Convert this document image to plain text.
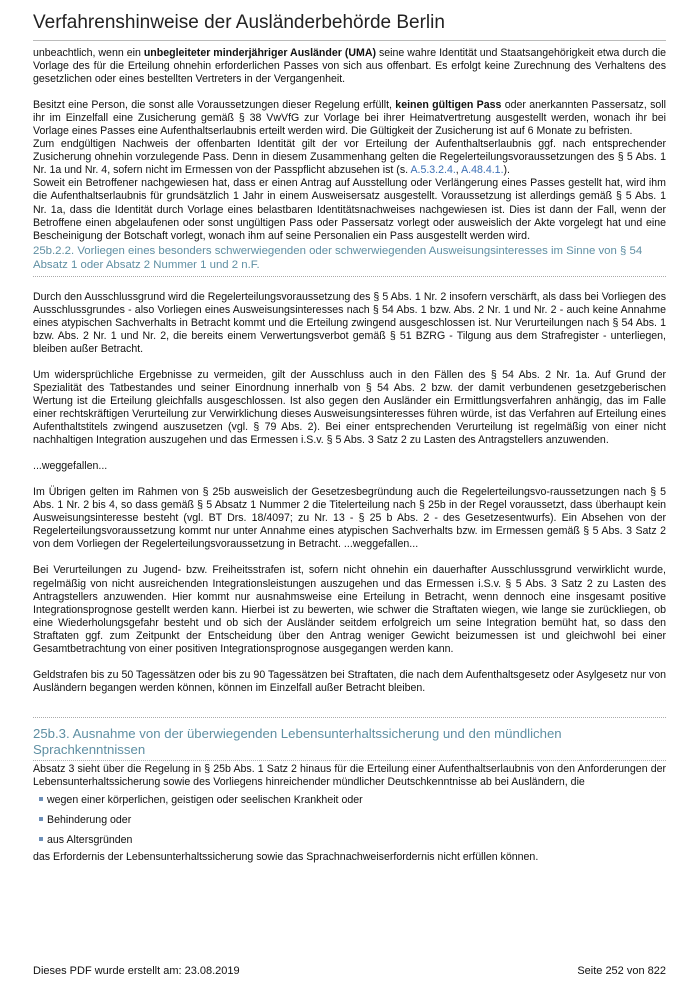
Verfahrenshinweise der Ausländerbehörde Berlin

unbeachtlich, wenn ein unbegleiteter minderjähriger Ausländer (UMA) seine wahre Identität und Staatsangehörigkeit etwa durch die Vorlage des für die Erteilung ohnehin erforderlichen Passes von sich aus offenbart. Es erfolgt keine Zurechnung des Verhaltens des gesetzlichen oder eines bestellten Vertreters in der Vergangenheit.

Besitzt eine Person, die sonst alle Voraussetzungen dieser Regelung erfüllt, keinen gültigen Pass oder anerkannten Passersatz, soll ihr im Einzelfall eine Zusicherung gemäß § 38 VwVfG zur Vorlage bei ihrer Heimatvertretung ausgestellt werden, wonach ihr bei Vorlage eines Passes eine Aufenthaltserlaubnis erteilt werden wird. Die Gültigkeit der Zusicherung ist auf 6 Monate zu befristen.

Zum endgültigen Nachweis der offenbarten Identität gilt der vor Erteilung der Aufenthaltserlaubnis ggf. nach entsprechender Zusicherung ohnehin vorzulegende Pass. Denn in diesem Zusammenhang gelten die Regelerteilungsvoraussetzungen des § 5 Abs. 1 Nr. 1a und Nr. 4, sofern nicht im Ermessen von der Passpflicht abzusehen ist (s. A.5.3.2.4., A.48.4.1.).

Soweit ein Betroffener nachgewiesen hat, dass er einen Antrag auf Ausstellung oder Verlängerung eines Passes gestellt hat, wird ihm die Aufenthaltserlaubnis für grundsätzlich 1 Jahr in einem Ausweisersatz ausgestellt. Voraussetzung ist allerdings gemäß § 5 Abs. 1 Nr. 1a, dass die Identität durch Vorlage eines belastbaren Identitätsnachweises nachgewiesen ist. Dies ist dann der Fall, wenn der Betroffene einen abgelaufenen oder sonst ungültigen Pass oder Passersatz vorlegt oder ausweislich der Akte vorgelegt hat und eine Bescheinigung der Botschaft vorlegt, wonach ihm auf seine Personalien ein Pass ausgestellt werden wird.

25b.2.2. Vorliegen eines besonders schwerwiegenden oder schwerwiegenden Ausweisungsinteresses im Sinne von § 54 Absatz 1 oder Absatz 2 Nummer 1 und 2 n.F.

Durch den Ausschlussgrund wird die Regelerteilungsvoraussetzung des § 5 Abs. 1 Nr. 2 insofern verschärft, als dass bei Vorliegen des Ausschlussgrundes - also Vorliegen eines Ausweisungsinteresses nach § 54 Abs. 1 bzw. Abs. 2 Nr. 1 und Nr. 2 - auch keine Annahme eines atypischen Sachverhalts in Betracht kommt und die Erteilung zwingend ausgeschlossen ist. Nur Verurteilungen nach § 54 Abs. 1 bzw. Abs. 2 Nr. 1 und Nr. 2, die bereits einem Verwertungsverbot gemäß § 51 BZRG - Tilgung aus dem Strafregister - unterliegen, bleiben außer Betracht.

Um widersprüchliche Ergebnisse zu vermeiden, gilt der Ausschluss auch in den Fällen des § 54 Abs. 2 Nr. 1a. Auf Grund der Spezialität des Tatbestandes und seiner Einordnung innerhalb von § 54 Abs. 2 bzw. der damit verbundenen gesetzgeberischen Wertung ist die Erteilung gleichfalls ausgeschlossen. Ist also gegen den Ausländer ein Ermittlungsverfahren anhängig, das im Falle einer rechtskräftigen Verurteilung zur Verwirklichung dieses Ausweisungsinteresses führen würde, ist das Verfahren auf Erteilung eines Aufenthaltstitels zwingend auszusetzen (vgl. § 79 Abs. 2). Bei einer entsprechenden Verurteilung ist regelmäßig von einer nicht nachhaltigen Integration auszugehen und das Ermessen i.S.v. § 5 Abs. 3 Satz 2 zu Lasten des Antragstellers anzuwenden.

...weggefallen...

Im Übrigen gelten im Rahmen von § 25b ausweislich der Gesetzesbegründung auch die Regelerteilungsvo-raussetzungen nach § 5 Abs. 1 Nr. 2 bis 4, so dass gemäß § 5 Absatz 1 Nummer 2 die Titelerteilung nach § 25b in der Regel voraussetzt, dass überhaupt kein Ausweisungsinteresse besteht (vgl. BT Drs. 18/4097; zu Nr. 13 - § 25 b Abs. 2 - des Gesetzesentwurfs). Ein Absehen von der Regelerteilungsvoraussetzung kommt nur unter Annahme eines atypischen Sachverhalts bzw. im Ermessen gemäß § 5 Abs. 3 Satz 2 von dem Vorliegen der Regelerteilungsvoraussetzung in Betracht. ...weggefallen...

Bei Verurteilungen zu Jugend- bzw. Freiheitsstrafen ist, sofern nicht ohnehin ein dauerhafter Ausschlussgrund verwirklicht wurde, regelmäßig von nicht ausreichenden Integrationsleistungen auszugehen und das Ermessen i.S.v. § 5 Abs. 3 Satz 2 zu Lasten des Antragstellers anzuwenden. Hier kommt nur ausnahmsweise eine Erteilung in Betracht, wenn dennoch eine insgesamt positive Integrationsprognose gestellt werden kann. Hierbei ist zu bewerten, wie schwer die Straftaten wiegen, wie lange sie zurückliegen, ob eine Wiederholungsgefahr besteht und ob sich der Ausländer seitdem erfolgreich um seine Integration bemüht hat, so dass den Straftaten ggf. zum Zeitpunkt der Entscheidung über den Antrag weniger Gewicht beizumessen ist und gleichwohl bei einer Gesamtbetrachtung von einer positiven Integrationsprognose ausgegangen werden kann.

Geldstrafen bis zu 50 Tagessätzen oder bis zu 90 Tagessätzen bei Straftaten, die nach dem Aufenthaltsgesetz oder Asylgesetz nur von Ausländern begangen werden können, können im Einzelfall außer Betracht bleiben.

25b.3. Ausnahme von der überwiegenden Lebensunterhaltssicherung und den mündlichen Sprachkenntnissen

Absatz 3 sieht über die Regelung in § 25b Abs. 1 Satz 2 hinaus für die Erteilung einer Aufenthaltserlaubnis von den Anforderungen der Lebensunterhaltssicherung sowie des Vorliegens hinreichender mündlicher Deutschkenntnisse ab bei Ausländern, die

wegen einer körperlichen, geistigen oder seelischen Krankheit oder
Behinderung oder
aus Altersgründen

das Erfordernis der Lebensunterhaltssicherung sowie das Sprachnachweiserfordernis nicht erfüllen können.

Dieses PDF wurde erstellt am: 23.08.2019	Seite 252 von 822
